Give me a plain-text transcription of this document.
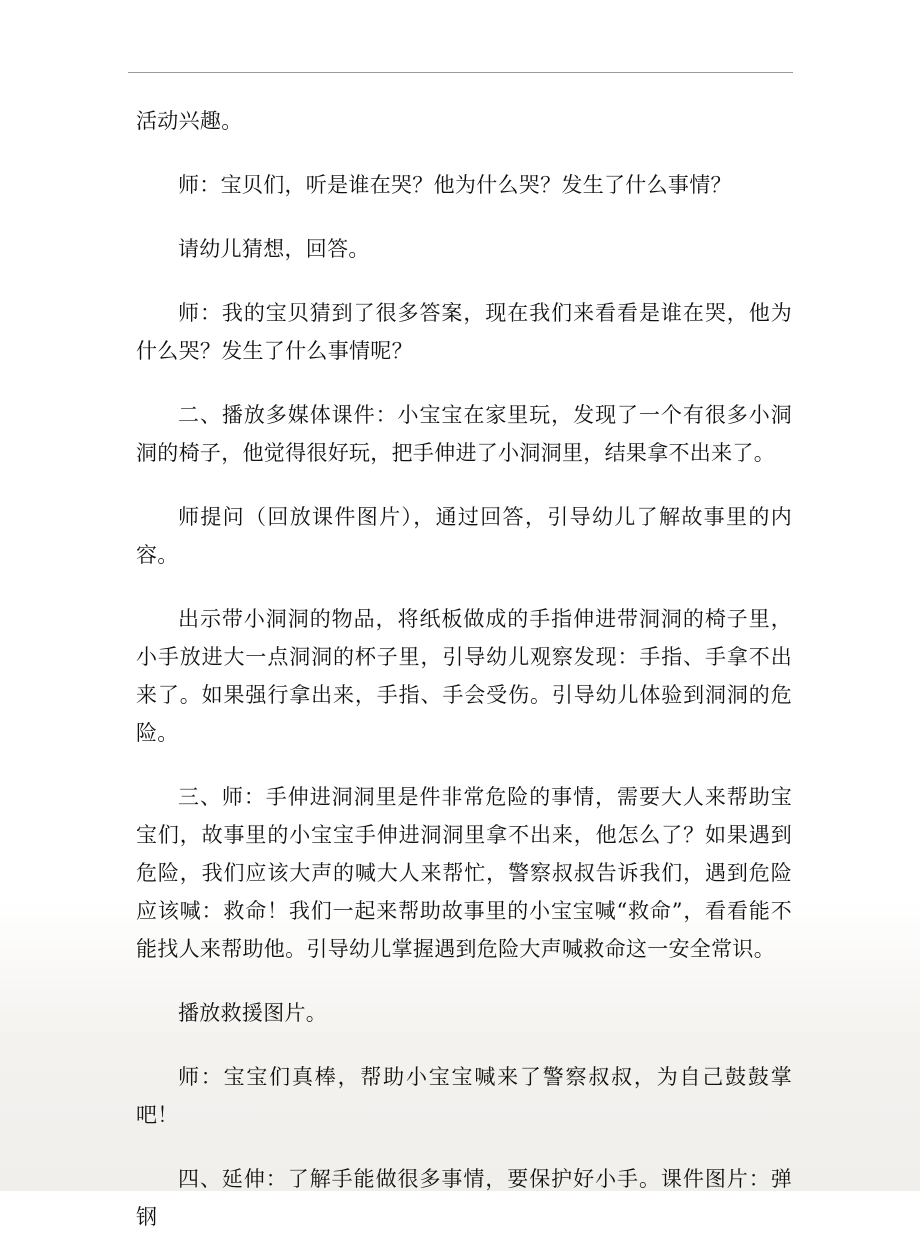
活动兴趣。

师：宝贝们，听是谁在哭？他为什么哭？发生了什么事情？

请幼儿猜想，回答。

师：我的宝贝猜到了很多答案，现在我们来看看是谁在哭，他为什么哭？发生了什么事情呢？

二、播放多媒体课件：小宝宝在家里玩，发现了一个有很多小洞洞的椅子，他觉得很好玩，把手伸进了小洞洞里，结果拿不出来了。

师提问（回放课件图片），通过回答，引导幼儿了解故事里的内容。

出示带小洞洞的物品，将纸板做成的手指伸进带洞洞的椅子里，小手放进大一点洞洞的杯子里，引导幼儿观察发现：手指、手拿不出来了。如果强行拿出来，手指、手会受伤。引导幼儿体验到洞洞的危险。

三、师：手伸进洞洞里是件非常危险的事情，需要大人来帮助宝宝们，故事里的小宝宝手伸进洞洞里拿不出来，他怎么了？如果遇到危险，我们应该大声的喊大人来帮忙，警察叔叔告诉我们，遇到危险应该喊：救命！我们一起来帮助故事里的小宝宝喊“救命”，看看能不能找人来帮助他。引导幼儿掌握遇到危险大声喊救命这一安全常识。

播放救援图片。

师：宝宝们真棒，帮助小宝宝喊来了警察叔叔，为自己鼓鼓掌吧！

四、延伸：了解手能做很多事情，要保护好小手。课件图片：弹钢
